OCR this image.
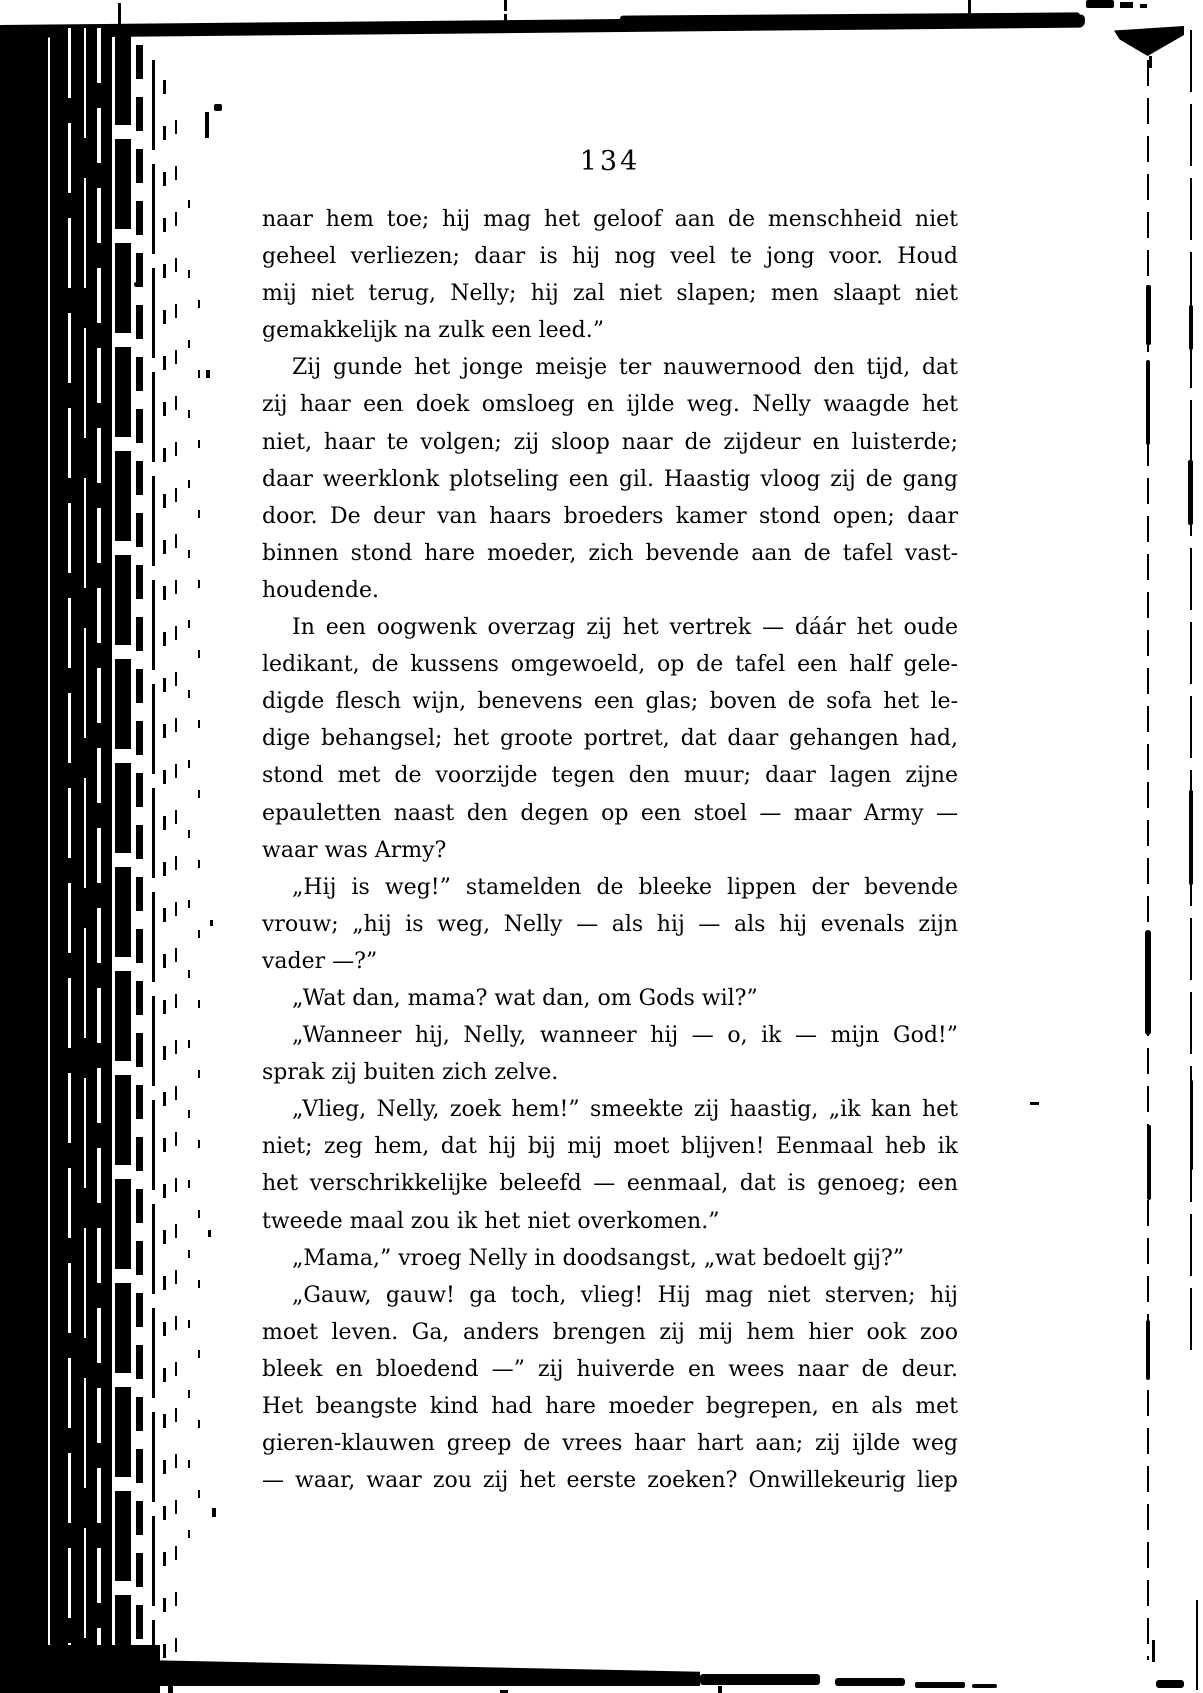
134
naar hem toe; hij mag het geloof aan de menschheid niet
geheel verliezen; daar is hij nog veel te jong voor. Houd
mij niet terug, Nelly; hij zal niet slapen; men slaapt niet
gemakkelijk na zulk een leed.”
Zij gunde het jonge meisje ter nauwernood den tijd, dat
zij haar een doek omsloeg en ijlde weg. Nelly waagde het
niet, haar te volgen; zij sloop naar de zijdeur en luisterde;
daar weerklonk plotseling een gil. Haastig vloog zij de gang
door. De deur van haars broeders kamer stond open; daar
binnen stond hare moeder, zich bevende aan de tafel vast-
houdende.
In een oogwenk overzag zij het vertrek — dáár het oude
ledikant, de kussens omgewoeld, op de tafel een half gele-
digde flesch wijn, benevens een glas; boven de sofa het le-
dige behangsel; het groote portret, dat daar gehangen had,
stond met de voorzijde tegen den muur; daar lagen zijne
epauletten naast den degen op een stoel — maar Army —
waar was Army?
„Hij is weg!” stamelden de bleeke lippen der bevende
vrouw; „hij is weg, Nelly — als hij — als hij evenals zijn
vader —?”
„Wat dan, mama? wat dan, om Gods wil?”
„Wanneer hij, Nelly, wanneer hij — o, ik — mijn God!”
sprak zij buiten zich zelve.
„Vlieg, Nelly, zoek hem!” smeekte zij haastig, „ik kan het
niet; zeg hem, dat hij bij mij moet blijven! Eenmaal heb ik
het verschrikkelijke beleefd — eenmaal, dat is genoeg; een
tweede maal zou ik het niet overkomen.”
„Mama,” vroeg Nelly in doodsangst, „wat bedoelt gij?”
„Gauw, gauw! ga toch, vlieg! Hij mag niet sterven; hij
moet leven. Ga, anders brengen zij mij hem hier ook zoo
bleek en bloedend —” zij huiverde en wees naar de deur.
Het beangste kind had hare moeder begrepen, en als met
gieren-klauwen greep de vrees haar hart aan; zij ijlde weg
— waar, waar zou zij het eerste zoeken? Onwillekeurig liep
